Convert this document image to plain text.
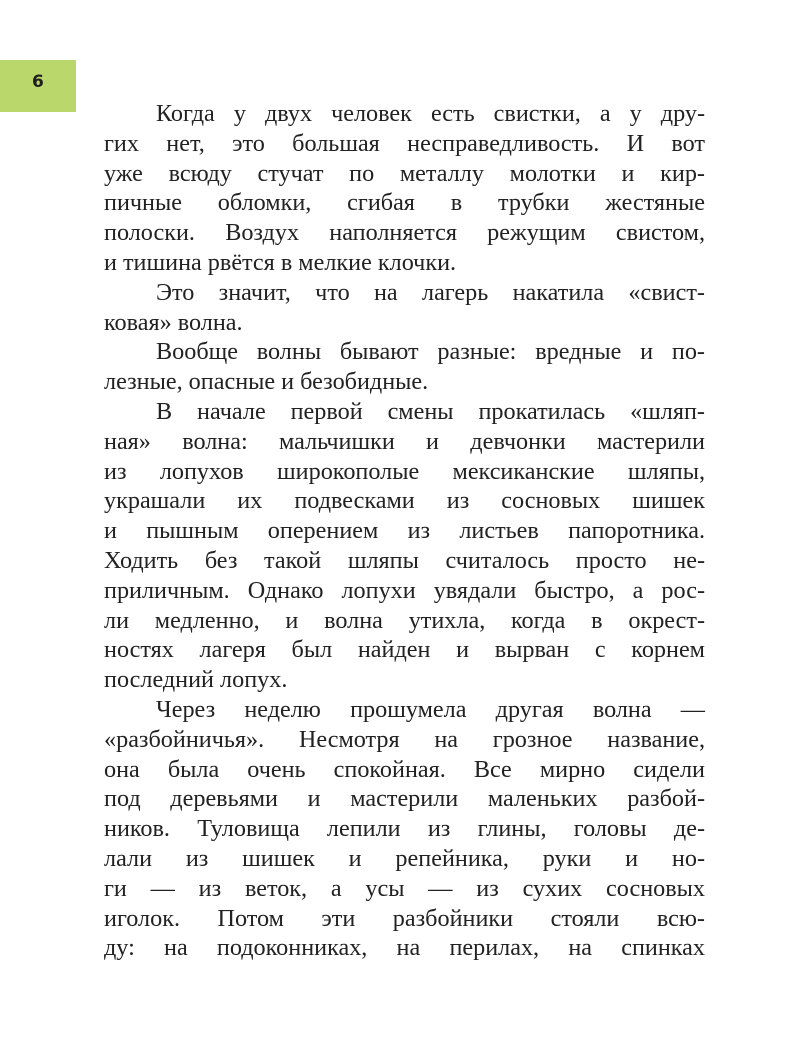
6

Когда у двух человек есть свистки, а у дру-
гих нет, это большая несправедливость. И вот
уже всюду стучат по металлу молотки и кир-
пичные обломки, сгибая в трубки жестяные
полоски. Воздух наполняется режущим свистом,
и тишина рвётся в мелкие клочки.

Это значит, что на лагерь накатила «свист-
ковая» волна.

Вообще волны бывают разные: вредные и по-
лезные, опасные и безобидные.

В начале первой смены прокатилась «шляп-
ная» волна: мальчишки и девчонки мастерили
из лопухов широкополые мексиканские шляпы,
украшали их подвесками из сосновых шишек
и пышным оперением из листьев папоротника.
Ходить без такой шляпы считалось просто не-
приличным. Однако лопухи увядали быстро, а рос-
ли медленно, и волна утихла, когда в окрест-
ностях лагеря был найден и вырван с корнем
последний лопух.

Через неделю прошумела другая волна —
«разбойничья». Несмотря на грозное название,
она была очень спокойная. Все мирно сидели
под деревьями и мастерили маленьких разбой-
ников. Туловища лепили из глины, головы де-
лали из шишек и репейника, руки и но-
ги — из веток, а усы — из сухих сосновых
иголок. Потом эти разбойники стояли всю-
ду: на подоконниках, на перилах, на спинках
